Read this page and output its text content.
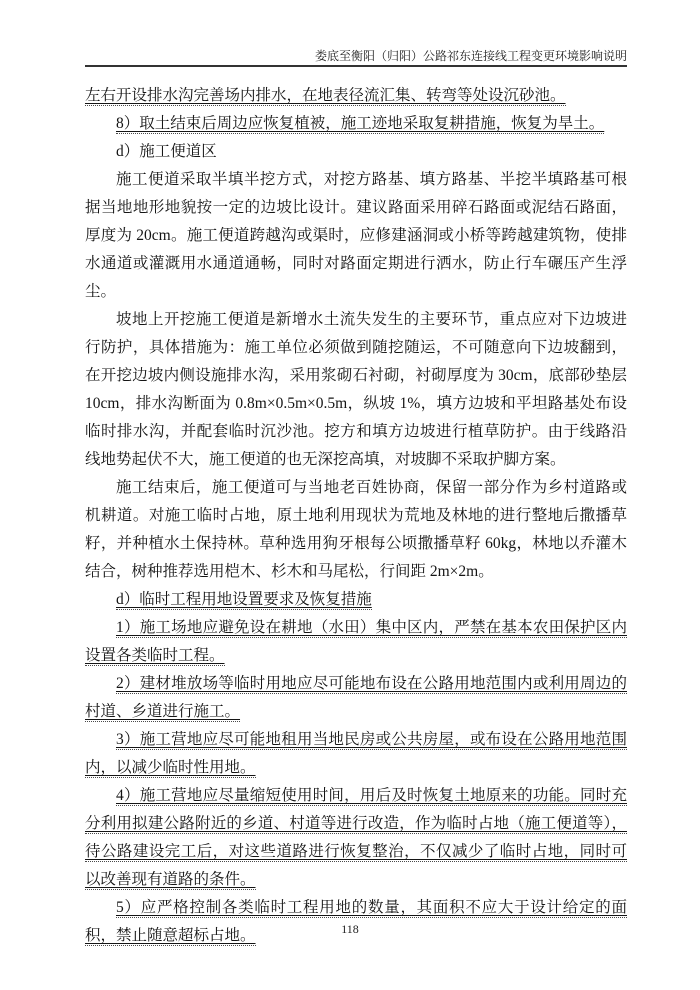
娄底至衡阳（归阳）公路祁东连接线工程变更环境影响说明

左右开设排水沟完善场内排水，在地表径流汇集、转弯等处设沉砂池。

8）取土结束后周边应恢复植被，施工迹地采取复耕措施，恢复为旱土。

d）施工便道区

施工便道采取半填半挖方式，对挖方路基、填方路基、半挖半填路基可根据当地地形地貌按一定的边坡比设计。建议路面采用碎石路面或泥结石路面，厚度为 20cm。施工便道跨越沟或渠时，应修建涵洞或小桥等跨越建筑物，使排水通道或灌溉用水通道通畅，同时对路面定期进行洒水，防止行车碾压产生浮尘。

坡地上开挖施工便道是新增水土流失发生的主要环节，重点应对下边坡进行防护，具体措施为：施工单位必须做到随挖随运，不可随意向下边坡翻到，在开挖边坡内侧设施排水沟，采用浆砌石衬砌，衬砌厚度为 30cm，底部砂垫层 10cm，排水沟断面为 0.8m×0.5m×0.5m，纵坡 1%，填方边坡和平坦路基处布设临时排水沟，并配套临时沉沙池。挖方和填方边坡进行植草防护。由于线路沿线地势起伏不大，施工便道的也无深挖高填，对坡脚不采取护脚方案。

施工结束后，施工便道可与当地老百姓协商，保留一部分作为乡村道路或机耕道。对施工临时占地，原土地利用现状为荒地及林地的进行整地后撒播草籽，并种植水土保持林。草种选用狗牙根每公顷撒播草籽 60kg，林地以乔灌木结合，树种推荐选用桤木、杉木和马尾松，行间距 2m×2m。

d）临时工程用地设置要求及恢复措施

1）施工场地应避免设在耕地（水田）集中区内，严禁在基本农田保护区内设置各类临时工程。

2）建材堆放场等临时用地应尽可能地布设在公路用地范围内或利用周边的村道、乡道进行施工。

3）施工营地应尽可能地租用当地民房或公共房屋，或布设在公路用地范围内，以减少临时性用地。

4）施工营地应尽量缩短使用时间，用后及时恢复土地原来的功能。同时充分利用拟建公路附近的乡道、村道等进行改造，作为临时占地（施工便道等），待公路建设完工后，对这些道路进行恢复整治，不仅减少了临时占地，同时可以改善现有道路的条件。

5）应严格控制各类临时工程用地的数量，其面积不应大于设计给定的面积，禁止随意超标占地。	118
